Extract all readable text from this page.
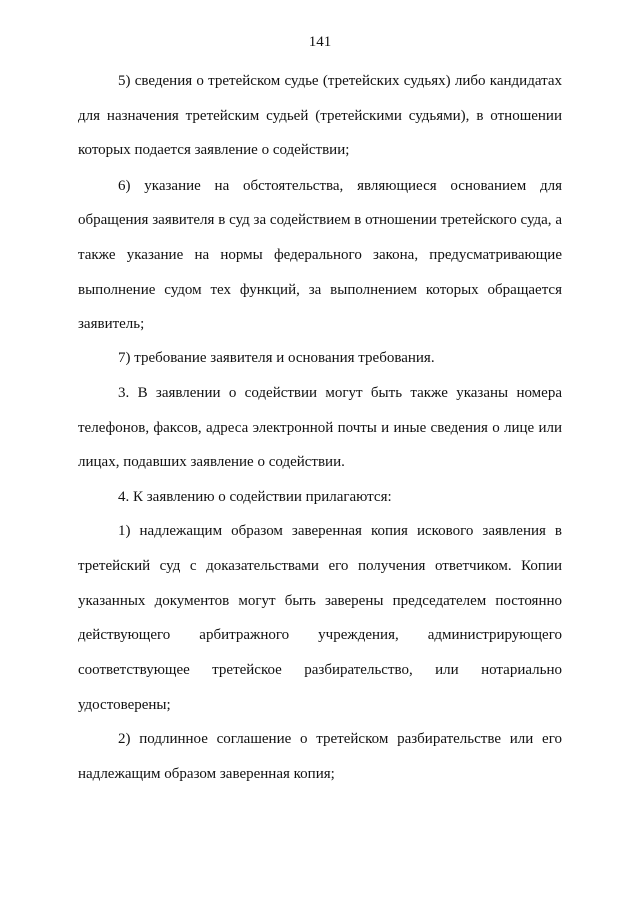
141
5) сведения о третейском судье (третейских судьях) либо кандидатах
для назначения третейским судьей (третейскими судьями), в отношении
которых подается заявление о содействии;
6) указание на обстоятельства, являющиеся основанием для
обращения заявителя в суд за содействием в отношении третейского суда, а
также указание на нормы федерального закона, предусматривающие
выполнение судом тех функций, за выполнением которых обращается
заявитель;
7) требование заявителя и основания требования.
3. В заявлении о содействии могут быть также указаны номера
телефонов, факсов, адреса электронной почты и иные сведения о лице или
лицах, подавших заявление о содействии.
4. К заявлению о содействии прилагаются:
1) надлежащим образом заверенная копия искового заявления в
третейский суд с доказательствами его получения ответчиком. Копии
указанных документов могут быть заверены председателем постоянно
действующего арбитражного учреждения, администрирующего
соответствующее третейское разбирательство, или нотариально
удостоверены;
2) подлинное соглашение о третейском разбирательстве или его
надлежащим образом заверенная копия;
